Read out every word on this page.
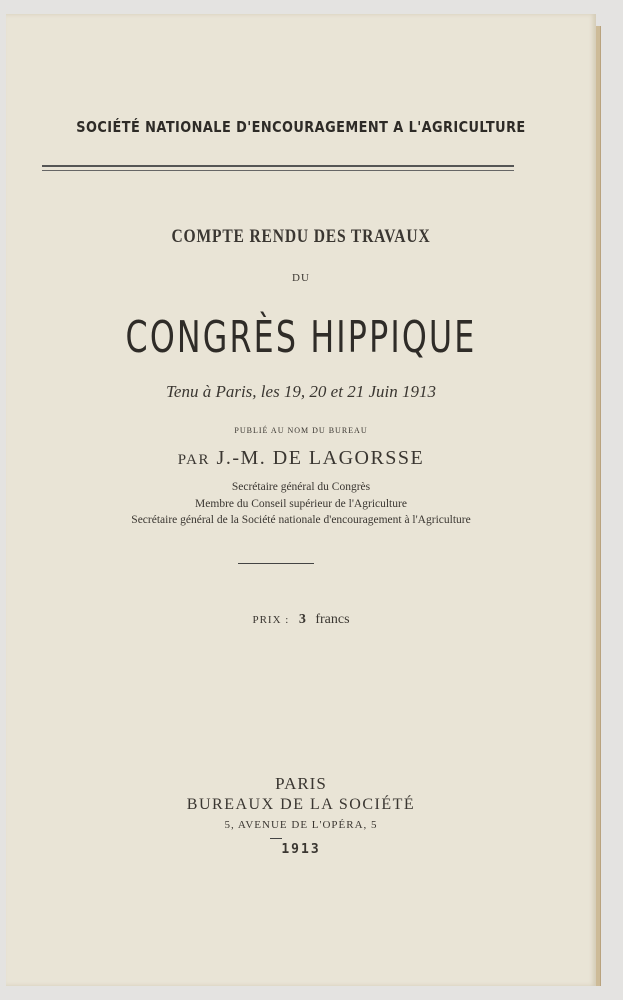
SOCIÉTÉ NATIONALE D'ENCOURAGEMENT A L'AGRICULTURE
COMPTE RENDU DES TRAVAUX
DU
CONGRÈS HIPPIQUE
Tenu à Paris, les 19, 20 et 21 Juin 1913
PUBLIÉ AU NOM DU BUREAU
PAR J.-M. DE LAGORSSE
Secrétaire général du Congrès
Membre du Conseil supérieur de l'Agriculture
Secrétaire général de la Société nationale d'encouragement à l'Agriculture
PRIX : 3 francs
PARIS
BUREAUX DE LA SOCIÉTÉ
5, AVENUE DE L'OPÉRA, 5
1913
